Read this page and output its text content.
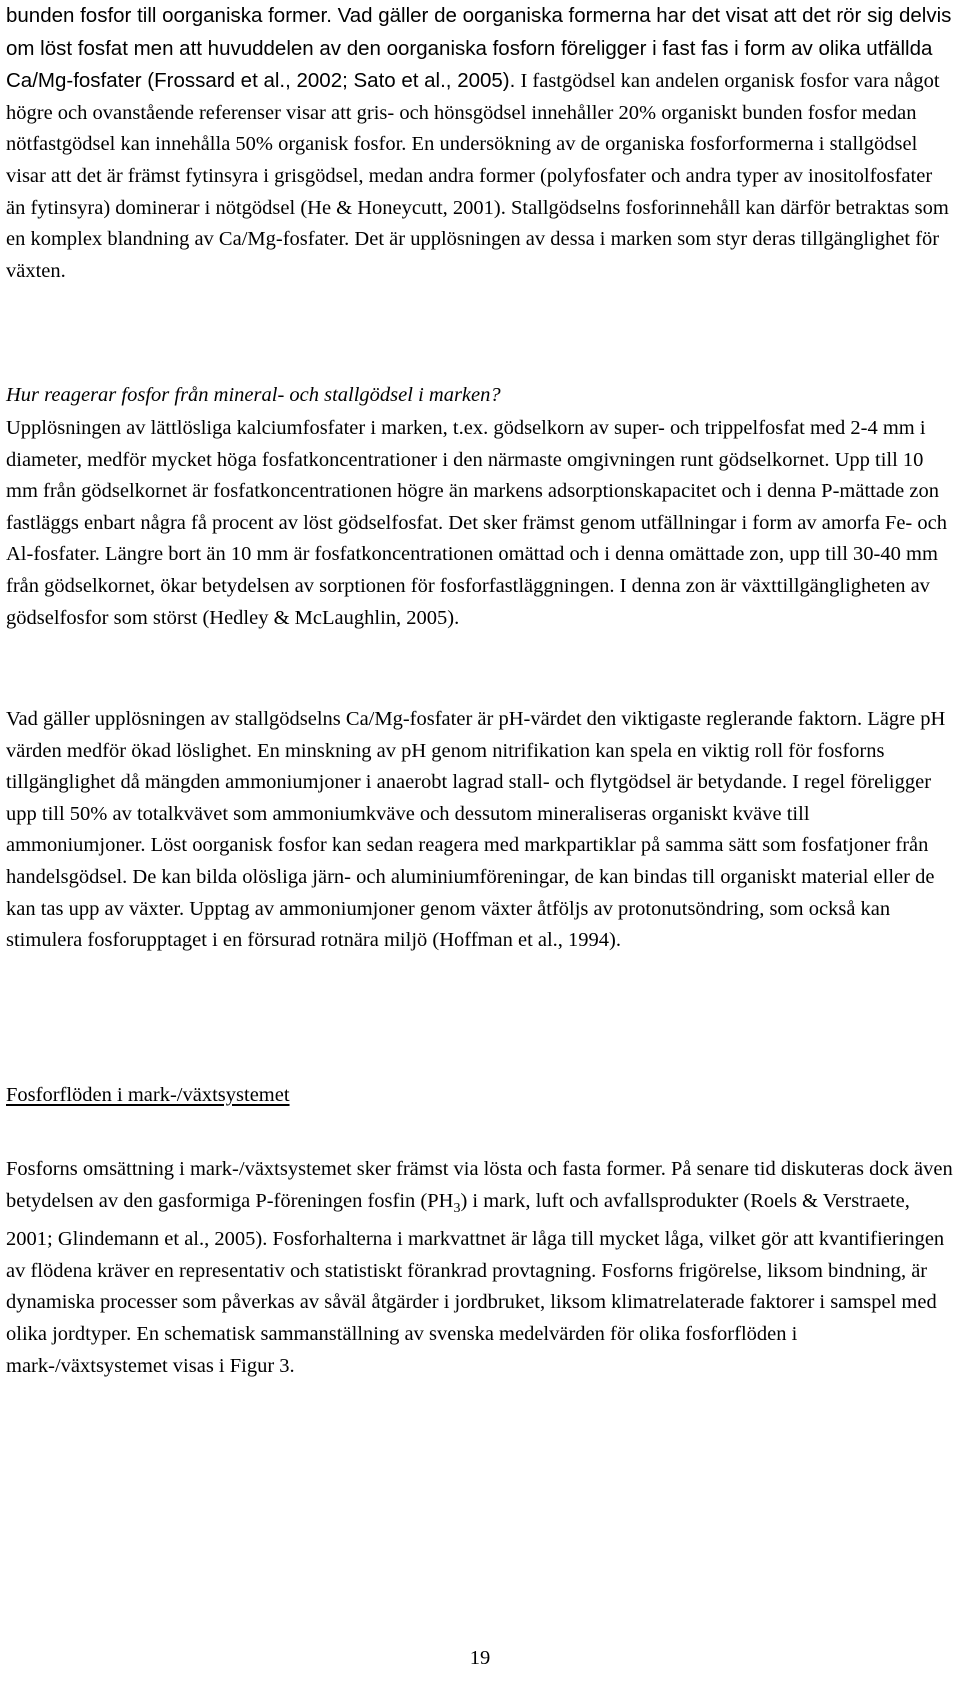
bunden fosfor till oorganiska former. Vad gäller de oorganiska formerna har det visat att det rör sig delvis om löst fosfat men att huvuddelen av den oorganiska fosforn föreligger i fast fas i form av olika utfällda Ca/Mg-fosfater (Frossard et al., 2002; Sato et al., 2005). I fastgödsel kan andelen organisk fosfor vara något högre och ovanstående referenser visar att gris- och hönsgödsel innehåller 20% organiskt bunden fosfor medan nötfastgödsel kan innehålla 50% organisk fosfor. En undersökning av de organiska fosforformerna i stallgödsel visar att det är främst fytinsyra i grisgödsel, medan andra former (polyfosfater och andra typer av inositolfosfater än fytinsyra) dominerar i nötgödsel (He & Honeycutt, 2001). Stallgödselns fosforinnehåll kan därför betraktas som en komplex blandning av Ca/Mg-fosfater. Det är upplösningen av dessa i marken som styr deras tillgänglighet för växten.

Hur reagerar fosfor från mineral- och stallgödsel i marken?

Upplösningen av lättlösliga kalciumfosfater i marken, t.ex. gödselkorn av super- och trippelfosfat med 2-4 mm i diameter, medför mycket höga fosfatkoncentrationer i den närmaste omgivningen runt gödselkornet. Upp till 10 mm från gödselkornet är fosfatkoncentrationen högre än markens adsorptionskapacitet och i denna P-mättade zon fastläggs enbart några få procent av löst gödselfosfat. Det sker främst genom utfällningar i form av amorfa Fe- och Al-fosfater. Längre bort än 10 mm är fosfatkoncentrationen omättad och i denna omättade zon, upp till 30-40 mm från gödselkornet, ökar betydelsen av sorptionen för fosforfastläggningen. I denna zon är växttillgängligheten av gödselfosfor som störst (Hedley & McLaughlin, 2005).

Vad gäller upplösningen av stallgödselns Ca/Mg-fosfater är pH-värdet den viktigaste reglerande faktorn. Lägre pH värden medför ökad löslighet. En minskning av pH genom nitrifikation kan spela en viktig roll för fosforns tillgänglighet då mängden ammoniumjoner i anaerobt lagrad stall- och flytgödsel är betydande. I regel föreligger upp till 50% av totalkvävet som ammoniumkväve och dessutom mineraliseras organiskt kväve till ammoniumjoner. Löst oorganisk fosfor kan sedan reagera med markpartiklar på samma sätt som fosfatjoner från handelsgödsel. De kan bilda olösliga järn- och aluminiumföreningar, de kan bindas till organiskt material eller de kan tas upp av växter. Upptag av ammoniumjoner genom växter åtföljs av protonutsöndring, som också kan stimulera fosforupptaget i en försurad rotnära miljö (Hoffman et al., 1994).

Fosforflöden i mark-/växtsystemet

Fosforns omsättning i mark-/växtsystemet sker främst via lösta och fasta former. På senare tid diskuteras dock även betydelsen av den gasformiga P-föreningen fosfin $(PH_3)$ i mark, luft och avfallsprodukter (Roels & Verstraete, 2001; Glindemann et al., 2005). Fosforhalterna i markvattnet är låga till mycket låga, vilket gör att kvantifieringen av flödena kräver en representativ och statistiskt förankrad provtagning. Fosforns frigörelse, liksom bindning, är dynamiska processer som påverkas av såväl åtgärder i jordbruket, liksom klimatrelaterade faktorer i samspel med olika jordtyper. En schematisk sammanställning av svenska medelvärden för olika fosforflöden i mark-/växtsystemet visas i Figur 3.

19
